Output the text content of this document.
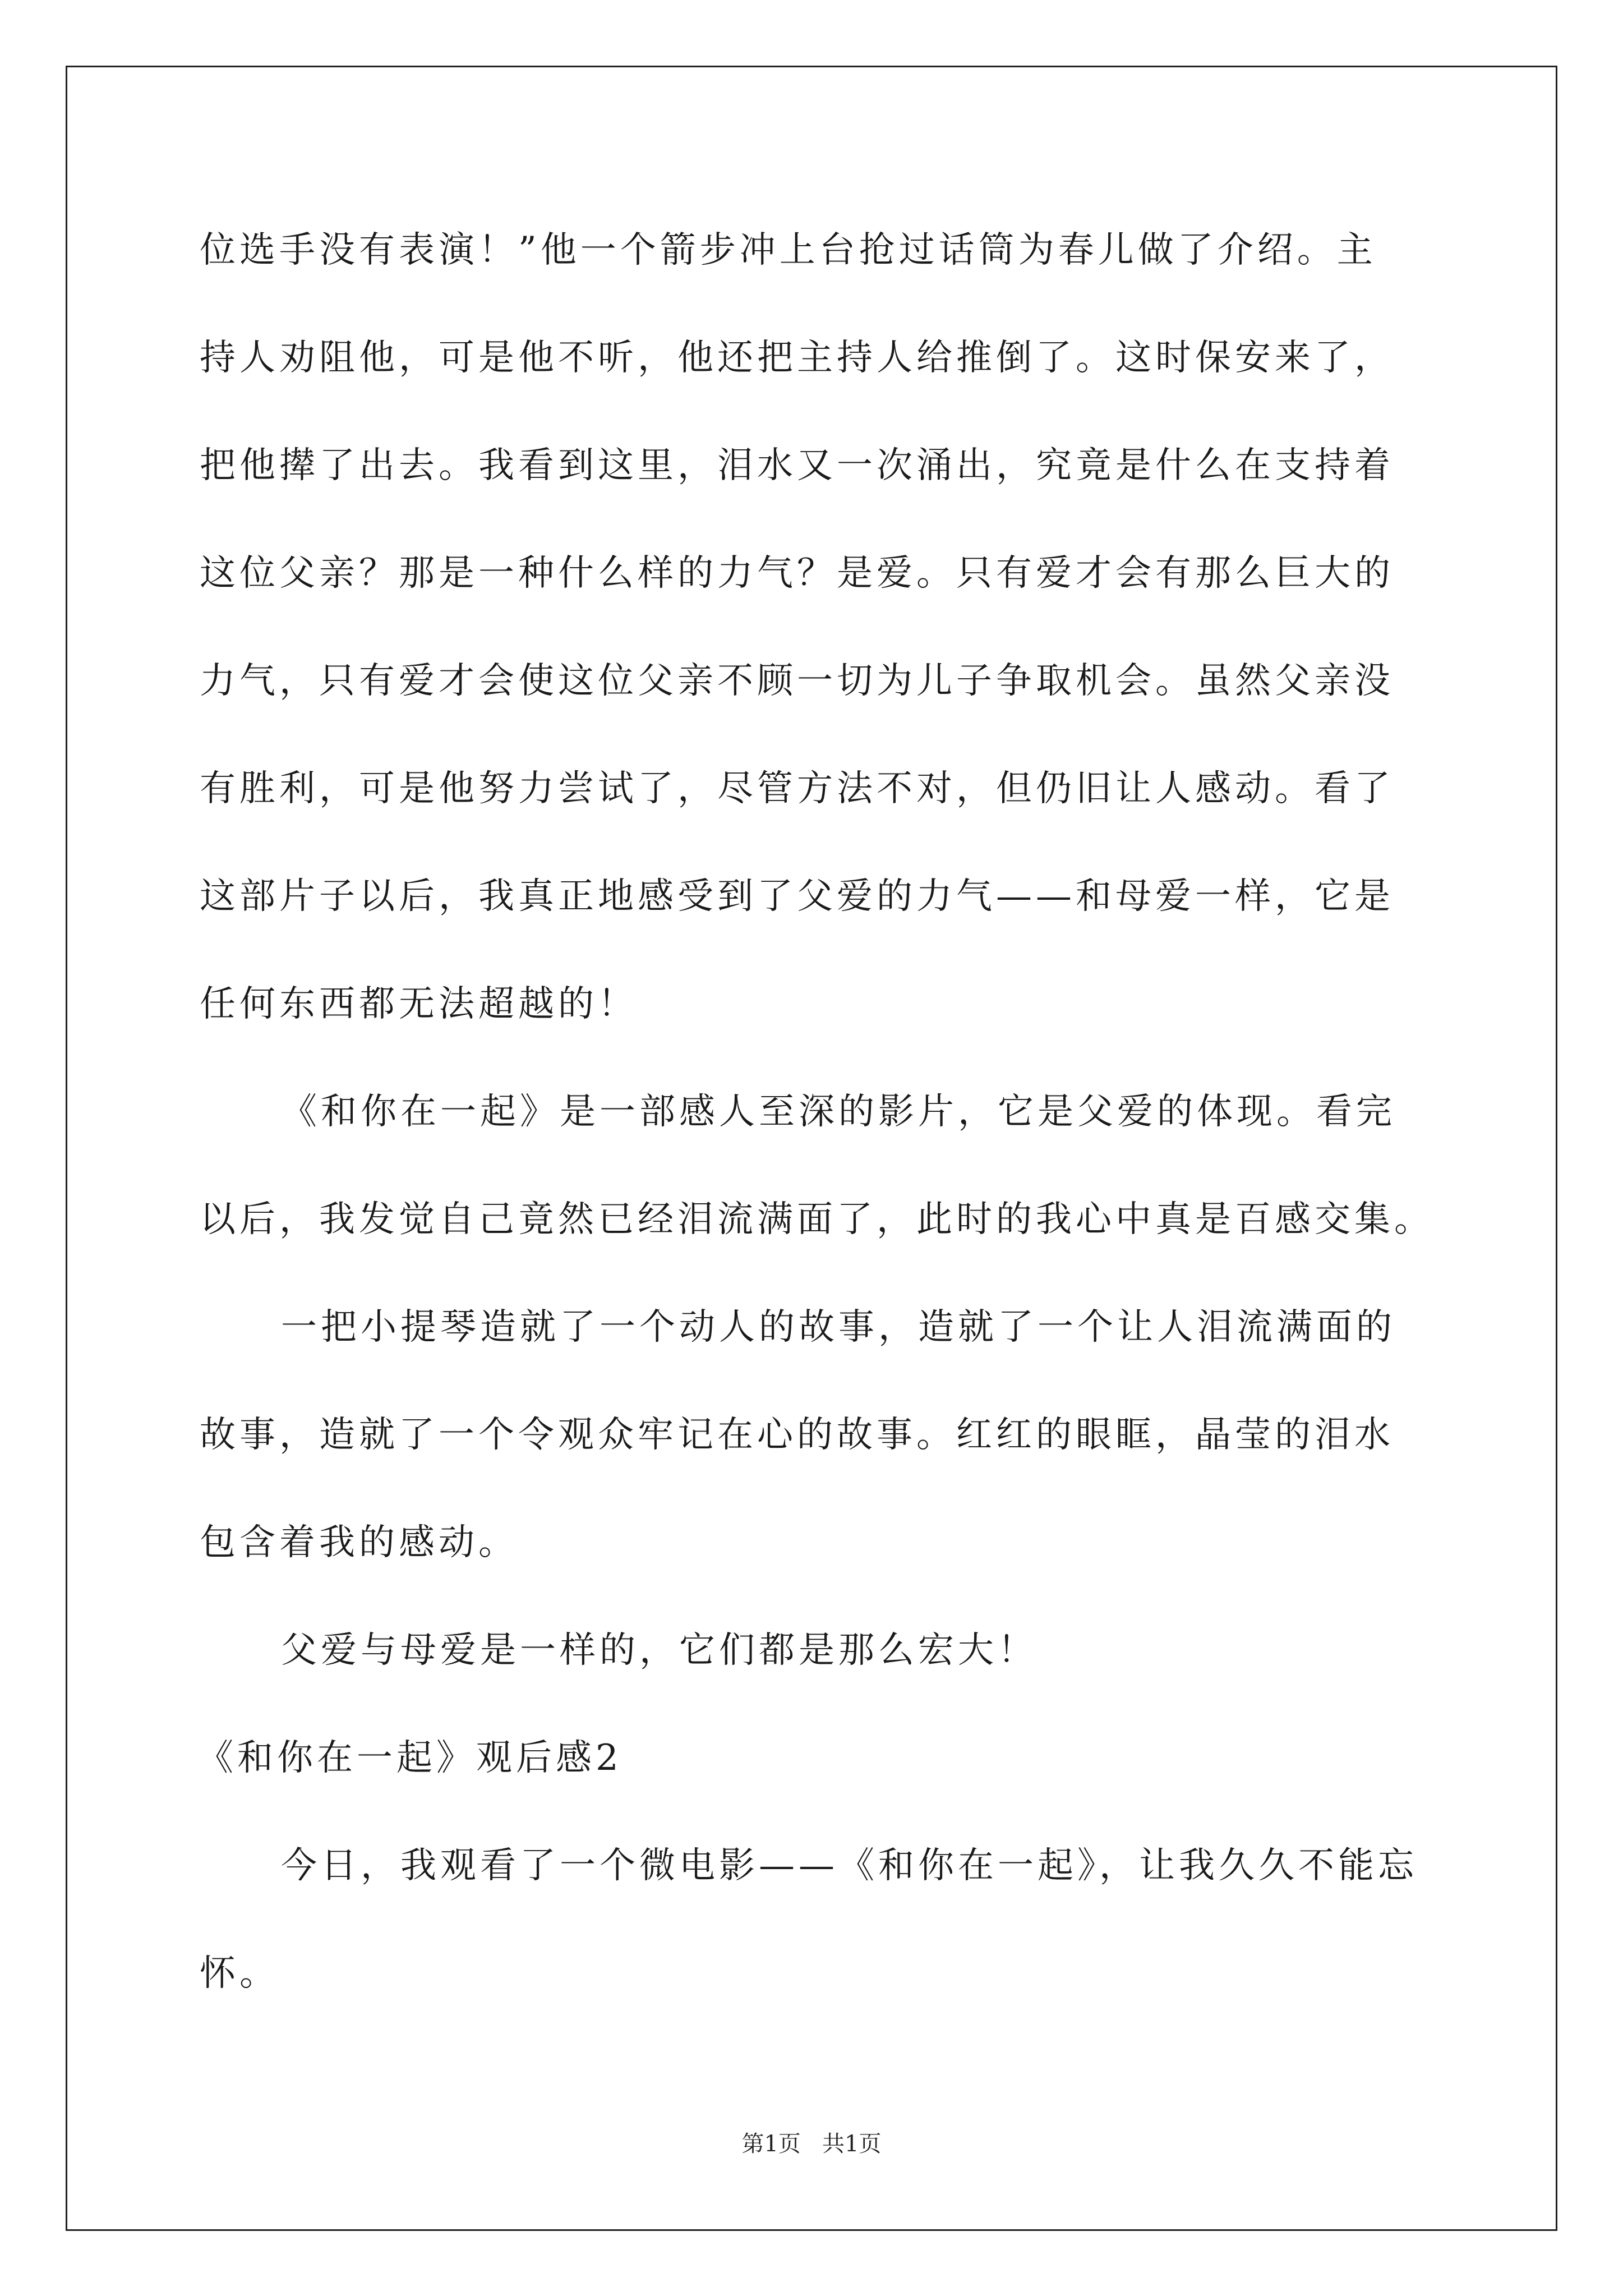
位选手没有表演！”他一个箭步冲上台抢过话筒为春儿做了介绍。主
持人劝阻他，可是他不听，他还把主持人给推倒了。这时保安来了，
把他撵了出去。我看到这里，泪水又一次涌出，究竟是什么在支持着
这位父亲？那是一种什么样的力气？是爱。只有爱才会有那么巨大的
力气，只有爱才会使这位父亲不顾一切为儿子争取机会。虽然父亲没
有胜利，可是他努力尝试了，尽管方法不对，但仍旧让人感动。看了
这部片子以后，我真正地感受到了父爱的力气——和母爱一样，它是
任何东西都无法超越的！
《和你在一起》是一部感人至深的影片，它是父爱的体现。看完
以后，我发觉自己竟然已经泪流满面了，此时的我心中真是百感交集。
一把小提琴造就了一个动人的故事，造就了一个让人泪流满面的
故事，造就了一个令观众牢记在心的故事。红红的眼眶，晶莹的泪水
包含着我的感动。
父爱与母爱是一样的，它们都是那么宏大！
《和你在一起》观后感2
今日，我观看了一个微电影——《和你在一起》，让我久久不能忘
怀。
第1页   共1页
